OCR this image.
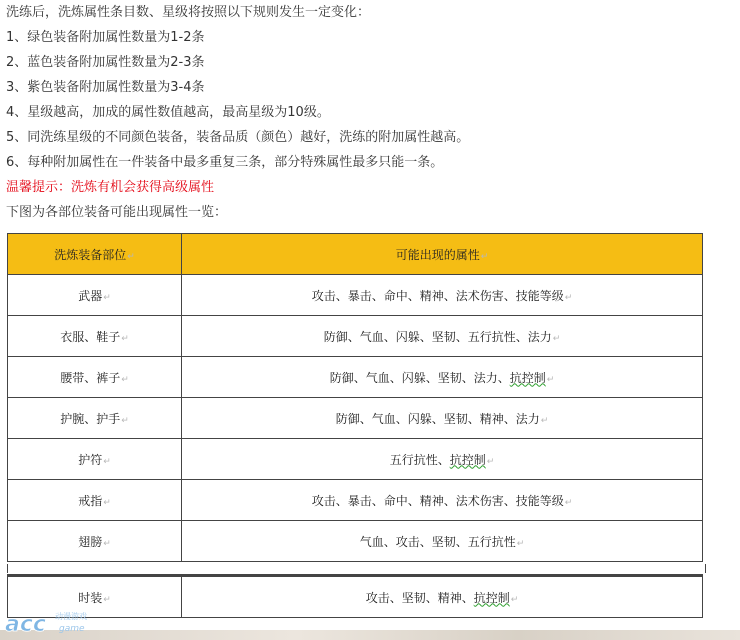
洗练后，洗炼属性条目数、星级将按照以下规则发生一定变化：
1、绿色装备附加属性数量为1-2条
2、蓝色装备附加属性数量为2-3条
3、紫色装备附加属性数量为3-4条
4、星级越高，加成的属性数值越高，最高星级为10级。
5、同洗练星级的不同颜色装备，装备品质（颜色）越好，洗练的附加属性越高。
6、每种附加属性在一件装备中最多重复三条，部分特殊属性最多只能一条。
温馨提示：洗炼有机会获得高级属性
下图为各部位装备可能出现属性一览：
洗炼装备部位↵	可能出现的属性↵
武器↵	攻击、暴击、命中、精神、法术伤害、技能等级↵
衣服、鞋子↵	防御、气血、闪躲、坚韧、五行抗性、法力↵
腰带、裤子↵	防御、气血、闪躲、坚韧、法力、抗控制↵
护腕、护手↵	防御、气血、闪躲、坚韧、精神、法力↵
护符↵	五行抗性、抗控制↵
戒指↵	攻击、暴击、命中、精神、法术伤害、技能等级↵
翅膀↵	气血、攻击、坚韧、五行抗性↵
时装↵	攻击、坚韧、精神、抗控制↵
acc 动漫游戏
game
